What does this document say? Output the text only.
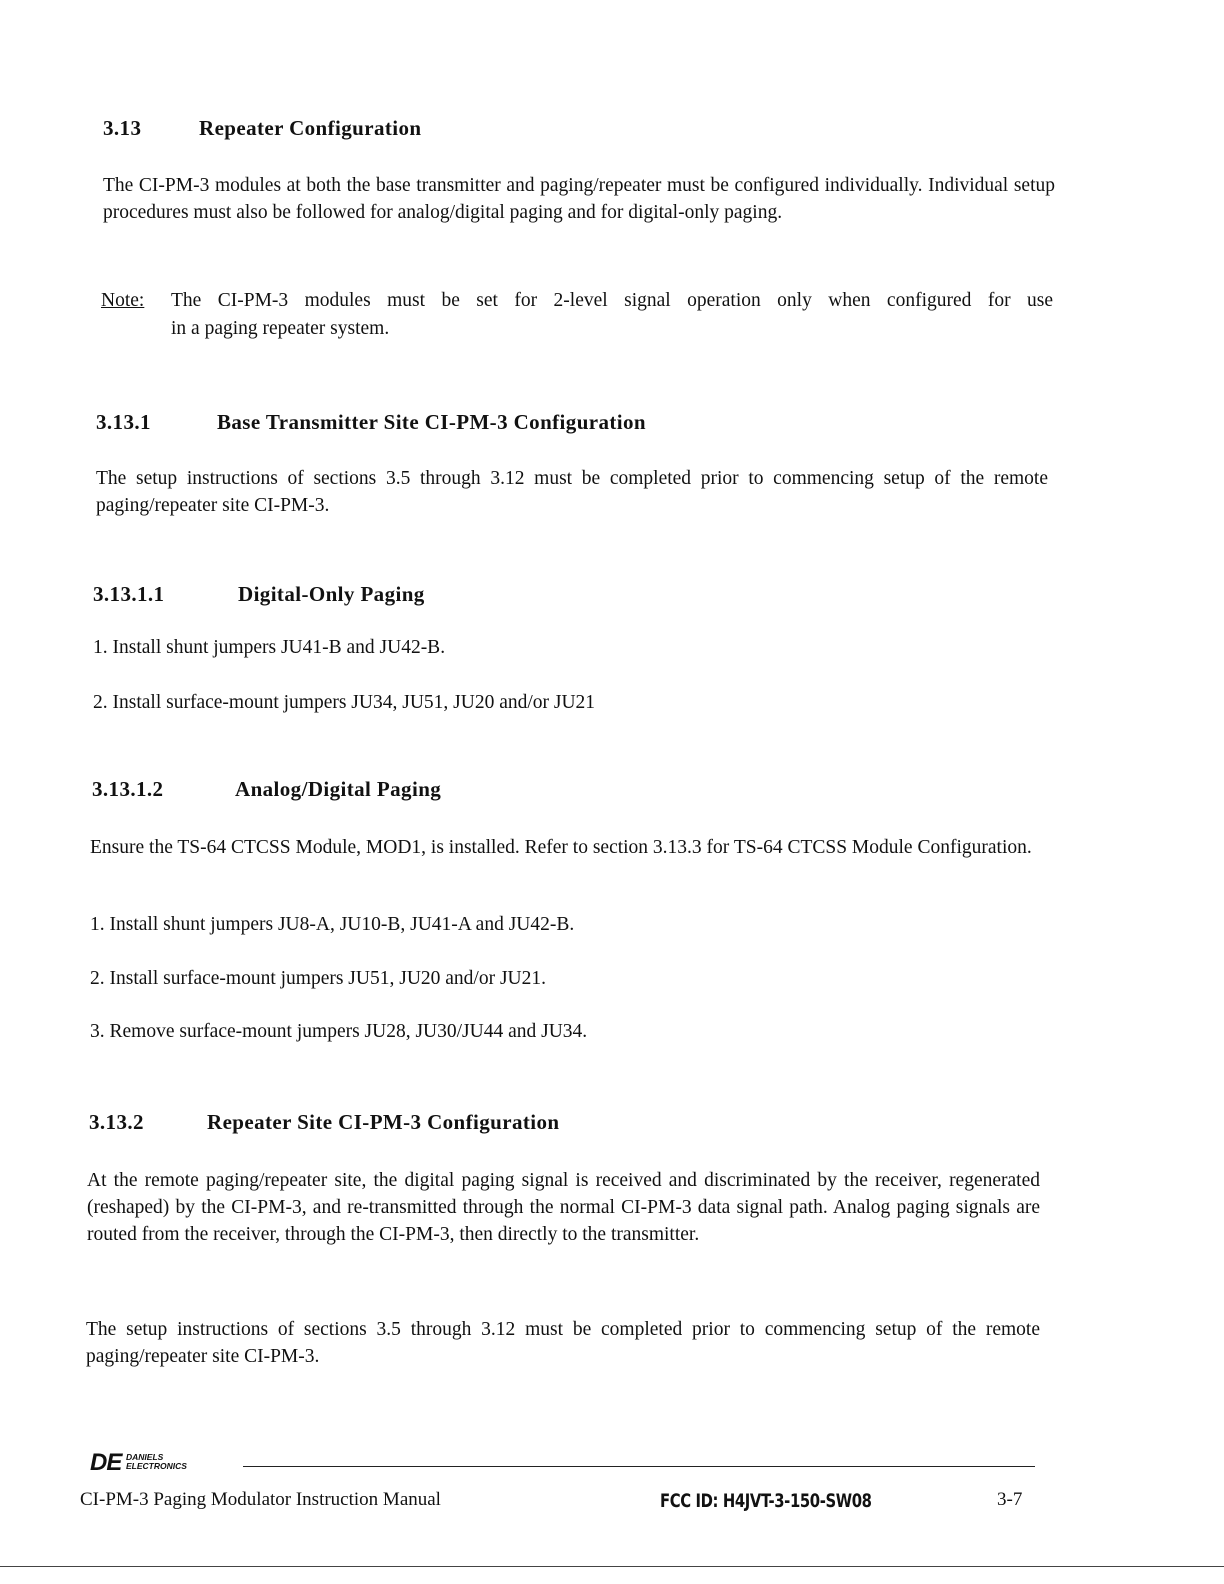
3.13	Repeater Configuration
The CI-PM-3 modules at both the base transmitter and paging/repeater must be configured individually. Individual setup procedures must also be followed for analog/digital paging and for digital-only paging.
Note: The CI-PM-3 modules must be set for 2-level signal operation only when configured for use
in a paging repeater system.
3.13.1	Base Transmitter Site CI-PM-3 Configuration
The setup instructions of sections 3.5 through 3.12 must be completed prior to commencing setup of the remote paging/repeater site CI-PM-3.
3.13.1.1	Digital-Only Paging
1. Install shunt jumpers JU41-B and JU42-B.
2. Install surface-mount jumpers JU34, JU51, JU20 and/or JU21
3.13.1.2	Analog/Digital Paging
Ensure the TS-64 CTCSS Module, MOD1, is installed. Refer to section 3.13.3 for TS-64 CTCSS Module Configuration.
1. Install shunt jumpers JU8-A, JU10-B, JU41-A and JU42-B.
2. Install surface-mount jumpers JU51, JU20 and/or JU21.
3. Remove surface-mount jumpers JU28, JU30/JU44 and JU34.
3.13.2	Repeater Site CI-PM-3 Configuration
At the remote paging/repeater site, the digital paging signal is received and discriminated by the receiver, regenerated (reshaped) by the CI-PM-3, and re-transmitted through the normal CI-PM-3 data signal path. Analog paging signals are routed from the receiver, through the CI-PM-3, then directly to the transmitter.
The setup instructions of sections 3.5 through 3.12 must be completed prior to commencing setup of the remote paging/repeater site CI-PM-3.
DE DANIELS
ELECTRONICS
CI-PM-3 Paging Modulator Instruction Manual	FCC ID: H4JVT-3-150-SW08	3-7
